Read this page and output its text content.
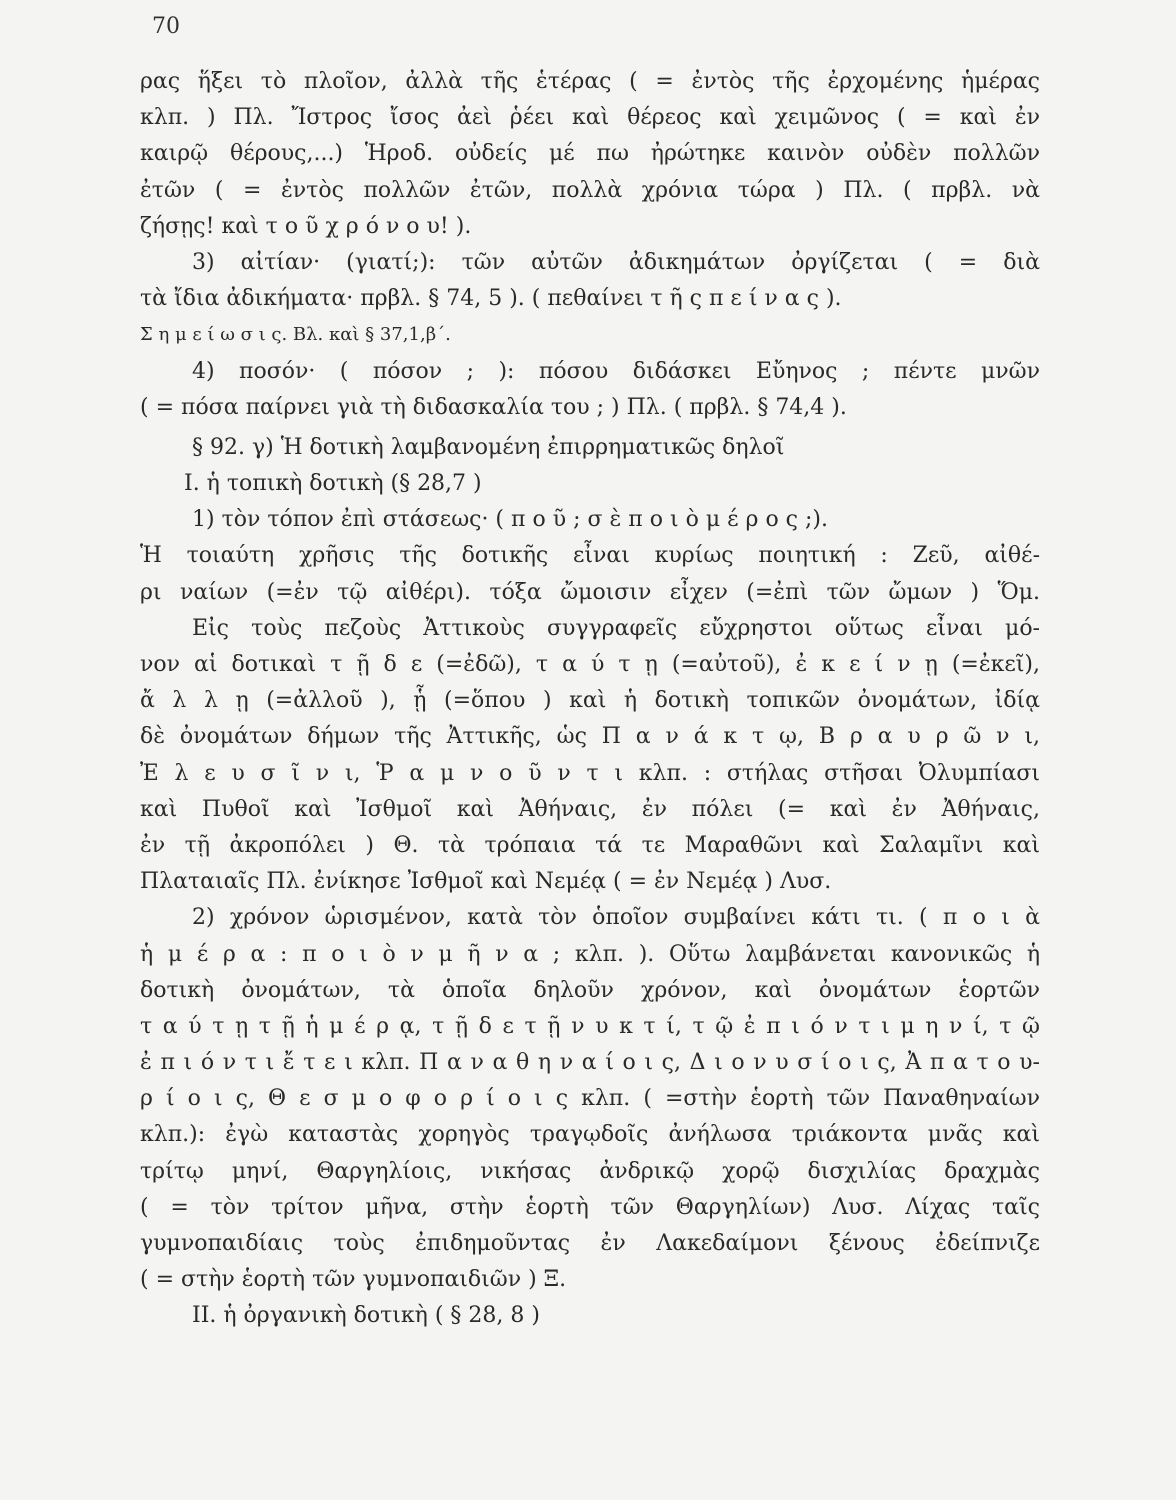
70
ρας ἥξει τὸ πλοῖον, ἀλλὰ τῆς ἑτέρας ( = ἐντὸς τῆς ἐρχομένης ἡμέρας
κλπ. ) Πλ. Ἴστρος ἴσος ἀεὶ ῥέει καὶ θέρεος καὶ χειμῶνος ( = καὶ ἐν
καιρῷ θέρους,...) Ἡροδ. οὐδείς μέ πω ἠρώτηκε καινὸν οὐδὲν πολλῶν
ἐτῶν ( = ἐντὸς πολλῶν ἐτῶν, πολλὰ χρόνια τώρα ) Πλ. ( πρβλ. νὰ
ζήσῃς! καὶ τ ο ῦ χ ρ ό ν ο υ! ).
3) αἰτίαν· (γιατί;): τῶν αὐτῶν ἀδικημάτων ὀργίζεται ( = διὰ
τὰ ἴδια ἀδικήματα· πρβλ. § 74, 5 ). ( πεθαίνει τ ῆ ς π ε ί ν α ς ).
Σ η μ ε ί ω σ ι ς. Βλ. καὶ § 37,1,β΄.
4) ποσόν· ( πόσον ; ): πόσου διδάσκει Εὔηνος ; πέντε μνῶν
( = πόσα παίρνει γιὰ τὴ διδασκαλία του ; ) Πλ. ( πρβλ. § 74,4 ).
§ 92. γ) Ἡ δοτικὴ λαμβανομένη ἐπιρρηματικῶς δηλοῖ
Ι. ἡ τοπικὴ δοτικὴ (§ 28,7 )
1) τὸν τόπον ἐπὶ στάσεως· ( π ο ῦ ; σ ὲ π ο ι ὸ μ έ ρ ο ς ;).
Ἡ τοιαύτη χρῆσις τῆς δοτικῆς εἶναι κυρίως ποιητική : Ζεῦ, αἰθέ-
ρι ναίων (=ἐν τῷ αἰθέρι). τόξα ὤμοισιν εἶχεν (=ἐπὶ τῶν ὤμων ) Ὅμ.
Εἰς τοὺς πεζοὺς Ἀττικοὺς συγγραφεῖς εὔχρηστοι οὕτως εἶναι μό-
νον αἱ δοτικαὶ τ ῇ δ ε (=ἐδῶ), τ α ύ τ ῃ (=αὐτοῦ), ἐ κ ε ί ν ῃ (=ἐκεῖ),
ἄ λ λ ῃ (=ἀλλοῦ ), ᾗ (=ὅπου ) καὶ ἡ δοτικὴ τοπικῶν ὀνομάτων, ἰδίᾳ
δὲ ὀνομάτων δήμων τῆς Ἀττικῆς, ὡς Π α ν ά κ τ ῳ, Β ρ α υ ρ ῶ ν ι,
Ἐ λ ε υ σ ῖ ν ι, Ῥ α μ ν ο ῦ ν τ ι κλπ. : στήλας στῆσαι Ὀλυμπίασι
καὶ Πυθοῖ καὶ Ἰσθμοῖ καὶ Ἀθήναις, ἐν πόλει (= καὶ ἐν Ἀθήναις,
ἐν τῇ ἀκροπόλει ) Θ. τὰ τρόπαια τά τε Μαραθῶνι καὶ Σαλαμῖνι καὶ
Πλαταιαῖς Πλ. ἐνίκησε Ἰσθμοῖ καὶ Νεμέᾳ ( = ἐν Νεμέᾳ ) Λυσ.
2) χρόνον ὡρισμένον, κατὰ τὸν ὁποῖον συμβαίνει κάτι τι. ( π ο ι ὰ
ἡ μ έ ρ α : π ο ι ὸ ν μ ῆ ν α ; κλπ. ). Οὕτω λαμβάνεται κανονικῶς ἡ
δοτικὴ ὀνομάτων, τὰ ὁποῖα δηλοῦν χρόνον, καὶ ὀνομάτων ἑορτῶν
τ α ύ τ ῃ τ ῇ ἡ μ έ ρ ᾳ, τ ῇ δ ε τ ῇ ν υ κ τ ί, τ ῷ ἐ π ι ό ν τ ι μ η ν ί, τ ῷ
ἐ π ι ό ν τ ι ἔ τ ε ι κλπ. Π α ν α θ η ν α ί ο ι ς, Δ ι ο ν υ σ ί ο ι ς, Ἀ π α τ ο υ-
ρ ί ο ι ς, Θ ε σ μ ο φ ο ρ ί ο ι ς κλπ. ( =στὴν ἑορτὴ τῶν Παναθηναίων
κλπ.): ἐγὼ καταστὰς χορηγὸς τραγῳδοῖς ἀνήλωσα τριάκοντα μνᾶς καὶ
τρίτῳ μηνί, Θαργηλίοις, νικήσας ἀνδρικῷ χορῷ δισχιλίας δραχμὰς
( = τὸν τρίτον μῆνα, στὴν ἑορτὴ τῶν Θαργηλίων) Λυσ. Λίχας ταῖς
γυμνοπαιδίαις τοὺς ἐπιδημοῦντας ἐν Λακεδαίμονι ξένους ἐδείπνιζε
( = στὴν ἑορτὴ τῶν γυμνοπαιδιῶν ) Ξ.
ΙΙ. ἡ ὀργανικὴ δοτικὴ ( § 28, 8 )
